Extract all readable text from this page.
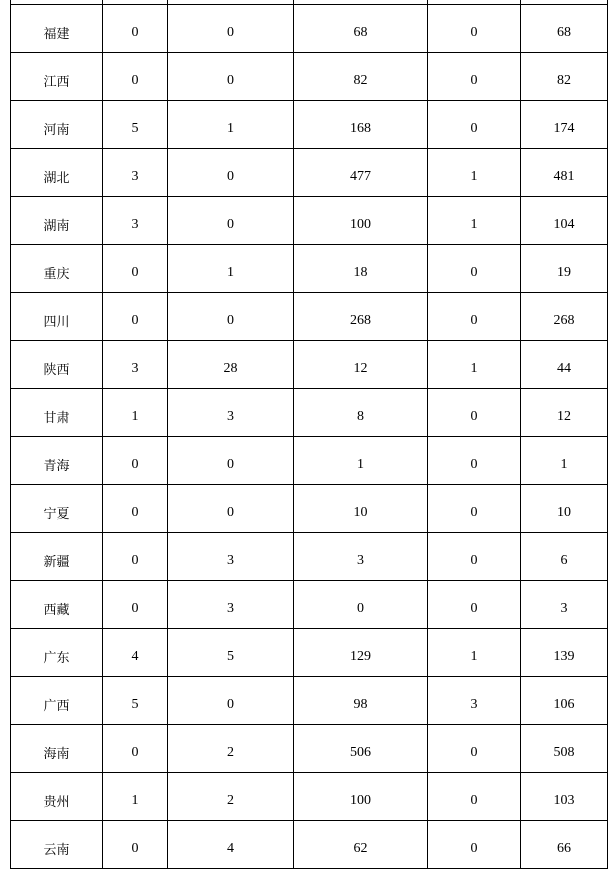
福建	0	0	68	0	68
江西	0	0	82	0	82
河南	5	1	168	0	174
湖北	3	0	477	1	481
湖南	3	0	100	1	104
重庆	0	1	18	0	19
四川	0	0	268	0	268
陕西	3	28	12	1	44
甘肃	1	3	8	0	12
青海	0	0	1	0	1
宁夏	0	0	10	0	10
新疆	0	3	3	0	6
西藏	0	3	0	0	3
广东	4	5	129	1	139
广西	5	0	98	3	106
海南	0	2	506	0	508
贵州	1	2	100	0	103
云南	0	4	62	0	66
